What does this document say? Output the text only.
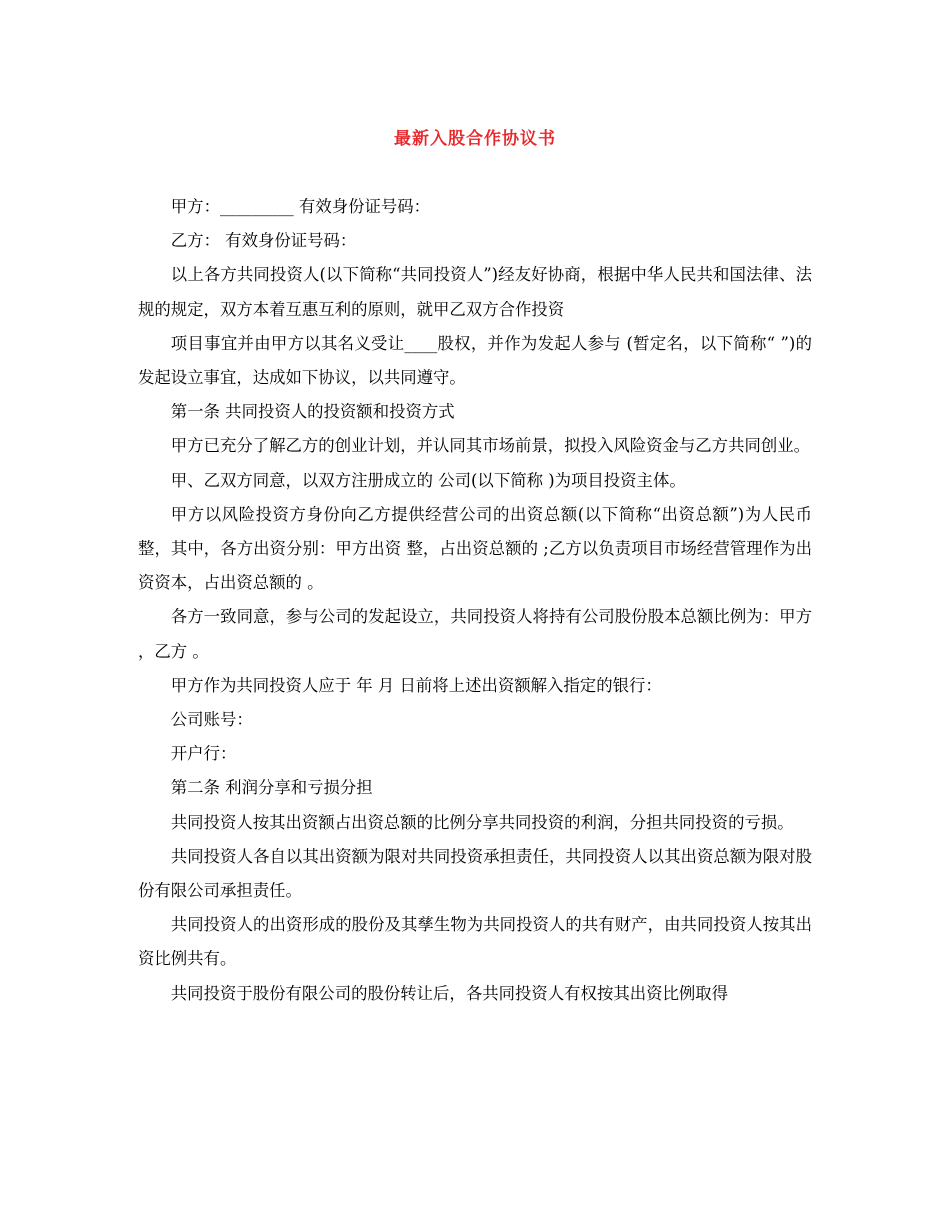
最新入股合作协议书

甲方：_________ 有效身份证号码：

乙方： 有效身份证号码：

以上各方共同投资人(以下简称“共同投资人”)经友好协商，根据中华人民共和国法律、法规的规定，双方本着互惠互利的原则，就甲乙双方合作投资

项目事宜并由甲方以其名义受让____股权，并作为发起人参与 (暂定名，以下简称“ ”)的发起设立事宜，达成如下协议，以共同遵守。

第一条 共同投资人的投资额和投资方式

甲方已充分了解乙方的创业计划，并认同其市场前景，拟投入风险资金与乙方共同创业。

甲、乙双方同意，以双方注册成立的 公司(以下简称 )为项目投资主体。

甲方以风险投资方身份向乙方提供经营公司的出资总额(以下简称“出资总额”)为人民币 整，其中，各方出资分别：甲方出资 整，占出资总额的 ;乙方以负责项目市场经营管理作为出资资本，占出资总额的 。

各方一致同意，参与公司的发起设立，共同投资人将持有公司股份股本总额比例为：甲方 ，乙方 。

甲方作为共同投资人应于 年 月 日前将上述出资额解入指定的银行：

公司账号：

开户行：

第二条 利润分享和亏损分担

共同投资人按其出资额占出资总额的比例分享共同投资的利润，分担共同投资的亏损。

共同投资人各自以其出资额为限对共同投资承担责任，共同投资人以其出资总额为限对股份有限公司承担责任。

共同投资人的出资形成的股份及其孳生物为共同投资人的共有财产，由共同投资人按其出资比例共有。

共同投资于股份有限公司的股份转让后，各共同投资人有权按其出资比例取得
